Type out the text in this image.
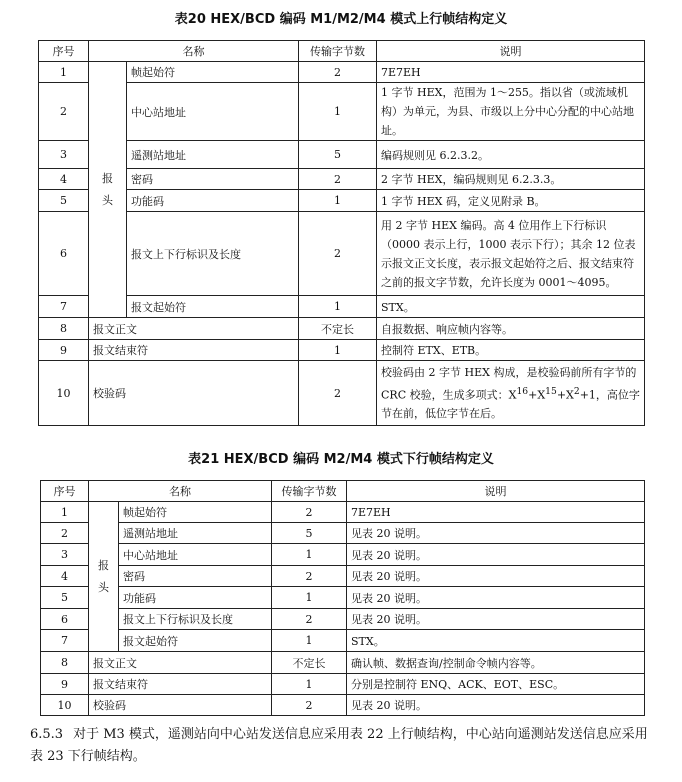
表20 HEX/BCD 编码 M1/M2/M4 模式上行帧结构定义
序号	名称		传输字节数	说明
1	报头	帧起始符	2	7E7EH
2		中心站地址	1	1 字节 HEX，范围为 1～255。指以省（或流域机构）为单元，为县、市级以上分中心分配的中心站地址。
3		遥测站地址	5	编码规则见 6.2.3.2。
4		密码	2	2 字节 HEX，编码规则见 6.2.3.3。
5		功能码	1	1 字节 HEX 码，定义见附录 B。
6		报文上下行标识及长度	2	用 2 字节 HEX 编码。高 4 位用作上下行标识（0000 表示上行，1000 表示下行）；其余 12 位表示报文正文长度，表示报文起始符之后、报文结束符之前的报文字节数，允许长度为 0001～4095。
7		报文起始符	1	STX。
8	报文正文		不定长	自报数据、响应帧内容等。
9	报文结束符		1	控制符 ETX、ETB。
10	校验码		2	校验码由 2 字节 HEX 构成，是校验码前所有字节的 CRC 校验，生成多项式：$X^{16}+X^{15}+X^2+1$，高位字节在前，低位字节在后。
表21 HEX/BCD 编码 M2/M4 模式下行帧结构定义
序号	名称		传输字节数	说明
1	报头	帧起始符	2	7E7EH
2		遥测站地址	5	见表 20 说明。
3		中心站地址	1	见表 20 说明。
4		密码	2	见表 20 说明。
5		功能码	1	见表 20 说明。
6		报文上下行标识及长度	2	见表 20 说明。
7		报文起始符	1	STX。
8	报文正文		不定长	确认帧、数据查询/控制命令帧内容等。
9	报文结束符		1	分别是控制符 ENQ、ACK、EOT、ESC。
10	校验码		2	见表 20 说明。
6.5.3 对于 M3 模式，遥测站向中心站发送信息应采用表 22 上行帧结构，中心站向遥测站发送信息应采用表 23 下行帧结构。
